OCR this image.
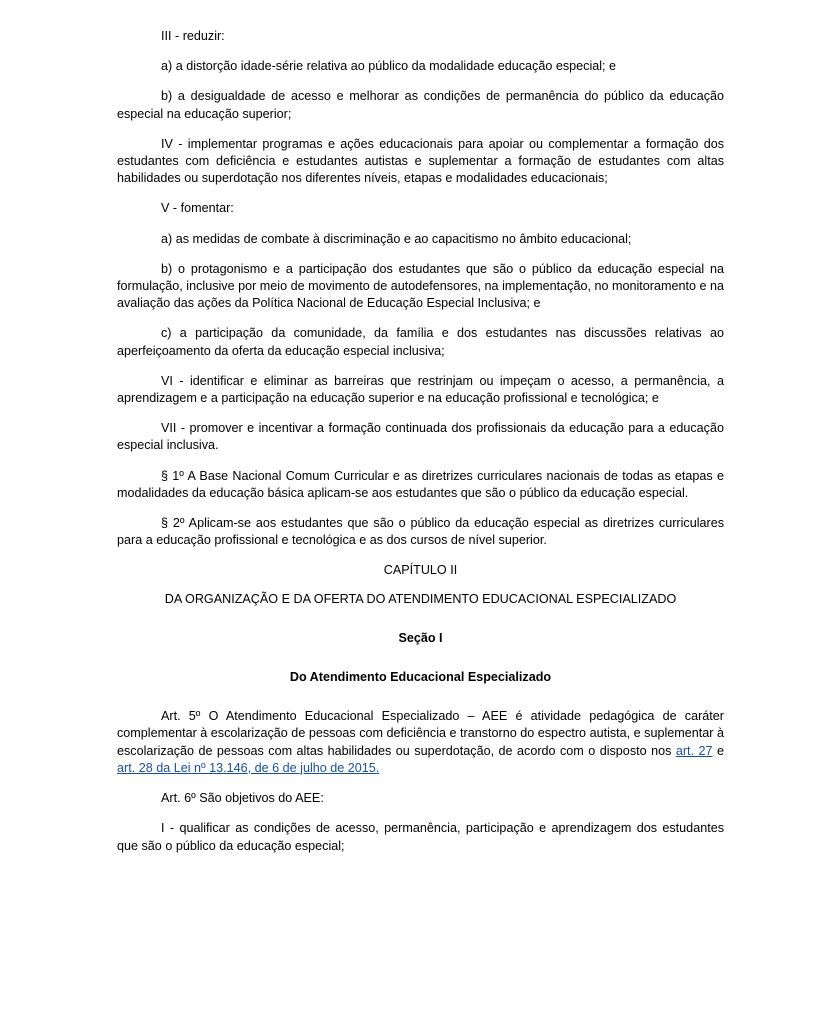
III - reduzir:

a) a distorção idade-série relativa ao público da modalidade educação especial; e

b) a desigualdade de acesso e melhorar as condições de permanência do público da educação especial na educação superior;

IV - implementar programas e ações educacionais para apoiar ou complementar a formação dos estudantes com deficiência e estudantes autistas e suplementar a formação de estudantes com altas habilidades ou superdotação nos diferentes níveis, etapas e modalidades educacionais;

V - fomentar:

a) as medidas de combate à discriminação e ao capacitismo no âmbito educacional;

b) o protagonismo e a participação dos estudantes que são o público da educação especial na formulação, inclusive por meio de movimento de autodefensores, na implementação, no monitoramento e na avaliação das ações da Política Nacional de Educação Especial Inclusiva; e

c) a participação da comunidade, da família e dos estudantes nas discussões relativas ao aperfeiçoamento da oferta da educação especial inclusiva;

VI - identificar e eliminar as barreiras que restrinjam ou impeçam o acesso, a permanência, a aprendizagem e a participação na educação superior e na educação profissional e tecnológica; e

VII - promover e incentivar a formação continuada dos profissionais da educação para a educação especial inclusiva.

§ 1º A Base Nacional Comum Curricular e as diretrizes curriculares nacionais de todas as etapas e modalidades da educação básica aplicam-se aos estudantes que são o público da educação especial.

§ 2º Aplicam-se aos estudantes que são o público da educação especial as diretrizes curriculares para a educação profissional e tecnológica e as dos cursos de nível superior.

CAPÍTULO II

DA ORGANIZAÇÃO E DA OFERTA DO ATENDIMENTO EDUCACIONAL ESPECIALIZADO

Seção I

Do Atendimento Educacional Especializado

Art. 5º O Atendimento Educacional Especializado – AEE é atividade pedagógica de caráter complementar à escolarização de pessoas com deficiência e transtorno do espectro autista, e suplementar à escolarização de pessoas com altas habilidades ou superdotação, de acordo com o disposto nos art. 27 e art. 28 da Lei nº 13.146, de 6 de julho de 2015.

Art. 6º São objetivos do AEE:

I - qualificar as condições de acesso, permanência, participação e aprendizagem dos estudantes que são o público da educação especial;
